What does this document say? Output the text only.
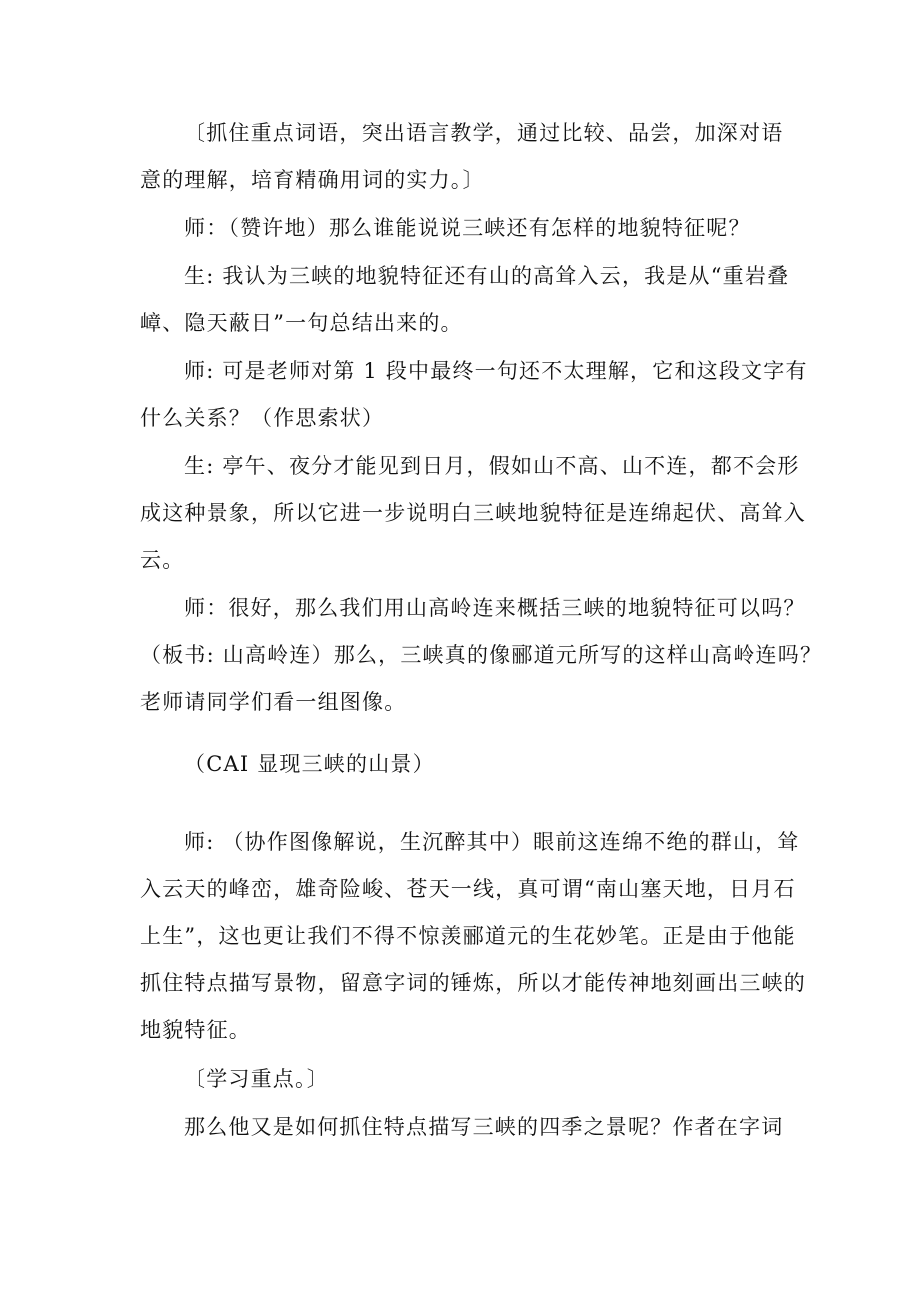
〔抓住重点词语，突出语言教学，通过比较、品尝，加深对语
意的理解，培育精确用词的实力。〕
师：（赞许地）那么谁能说说三峡还有怎样的地貌特征呢？
生: 我认为三峡的地貌特征还有山的高耸入云，我是从“重岩叠
嶂、隐天蔽日”一句总结出来的。
师: 可是老师对第 1 段中最终一句还不太理解，它和这段文字有
什么关系？（作思索状）
生: 亭午、夜分才能见到日月，假如山不高、山不连，都不会形
成这种景象，所以它进一步说明白三峡地貌特征是连绵起伏、高耸入
云。
师：很好，那么我们用山高岭连来概括三峡的地貌特征可以吗？
（板书: 山高岭连）那么，三峡真的像郦道元所写的这样山高岭连吗？
老师请同学们看一组图像。
（CAI 显现三峡的山景）
师: （协作图像解说，生沉醉其中）眼前这连绵不绝的群山，耸
入云天的峰峦，雄奇险峻、苍天一线，真可谓“南山塞天地，日月石
上生”，这也更让我们不得不惊羡郦道元的生花妙笔。正是由于他能
抓住特点描写景物，留意字词的锤炼，所以才能传神地刻画出三峡的
地貌特征。
〔学习重点。〕
那么他又是如何抓住特点描写三峡的四季之景呢？作者在字词
